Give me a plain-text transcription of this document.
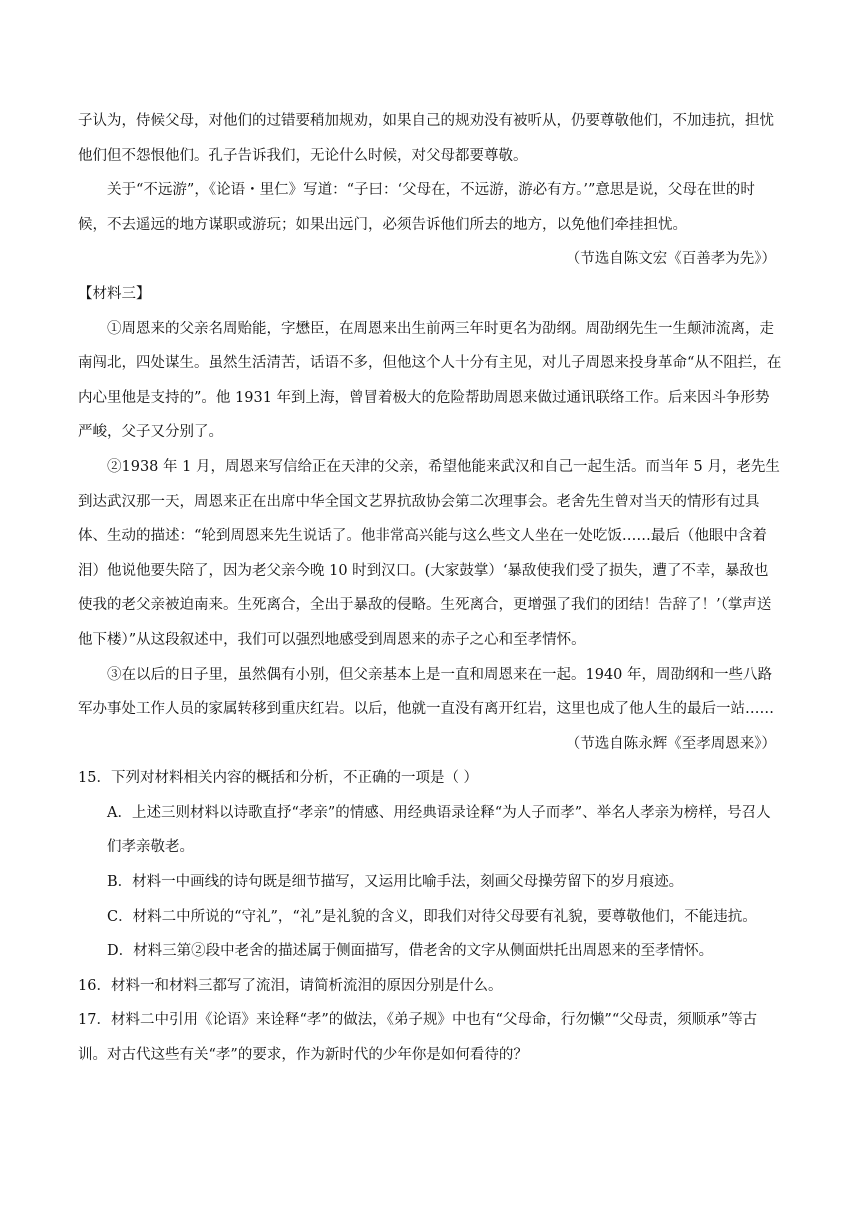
子认为，侍候父母，对他们的过错要稍加规劝，如果自己的规劝没有被听从，仍要尊敬他们，不加违抗，担忧他们但不怨恨他们。孔子告诉我们，无论什么时候，对父母都要尊敬。

关于“不远游”，《论语・里仁》写道：“子曰：‘父母在，不远游，游必有方。’”意思是说，父母在世的时候，不去遥远的地方谋职或游玩；如果出远门，必须告诉他们所去的地方，以免他们牵挂担忧。

（节选自陈文宏《百善孝为先》）

【材料三】

①周恩来的父亲名周贻能，字懋臣，在周恩来出生前两三年时更名为劭纲。周劭纲先生一生颠沛流离，走南闯北，四处谋生。虽然生活清苦，话语不多，但他这个人十分有主见，对儿子周恩来投身革命“从不阻拦，在内心里他是支持的”。他 1931 年到上海，曾冒着极大的危险帮助周恩来做过通讯联络工作。后来因斗争形势严峻，父子又分别了。

②1938 年 1 月，周恩来写信给正在天津的父亲，希望他能来武汉和自己一起生活。而当年 5 月，老先生到达武汉那一天，周恩来正在出席中华全国文艺界抗敌协会第二次理事会。老舍先生曾对当天的情形有过具体、生动的描述：“轮到周恩来先生说话了。他非常高兴能与这么些文人坐在一处吃饭……最后（他眼中含着泪）他说他要失陪了，因为老父亲今晚 10 时到汉口。(大家鼓掌）‘暴敌使我们受了损失，遭了不幸，暴敌也使我的老父亲被迫南来。生死离合，全出于暴敌的侵略。生死离合，更增强了我们的团结！告辞了！’（掌声送他下楼）”从这段叙述中，我们可以强烈地感受到周恩来的赤子之心和至孝情怀。

③在以后的日子里，虽然偶有小别，但父亲基本上是一直和周恩来在一起。1940 年，周劭纲和一些八路军办事处工作人员的家属转移到重庆红岩。以后，他就一直没有离开红岩，这里也成了他人生的最后一站……

（节选自陈永辉《至孝周恩来》）

15．下列对材料相关内容的概括和分析，不正确的一项是（ ）

A．上述三则材料以诗歌直抒“孝亲”的情感、用经典语录诠释“为人子而孝”、举名人孝亲为榜样，号召人们孝亲敬老。

B．材料一中画线的诗句既是细节描写，又运用比喻手法，刻画父母操劳留下的岁月痕迹。

C．材料二中所说的“守礼”，“礼”是礼貌的含义，即我们对待父母要有礼貌，要尊敬他们，不能违抗。

D．材料三第②段中老舍的描述属于侧面描写，借老舍的文字从侧面烘托出周恩来的至孝情怀。

16．材料一和材料三都写了流泪，请简析流泪的原因分别是什么。

17．材料二中引用《论语》来诠释“孝”的做法，《弟子规》中也有“父母命，行勿懒”“父母责，须顺承”等古训。对古代这些有关“孝”的要求，作为新时代的少年你是如何看待的？
